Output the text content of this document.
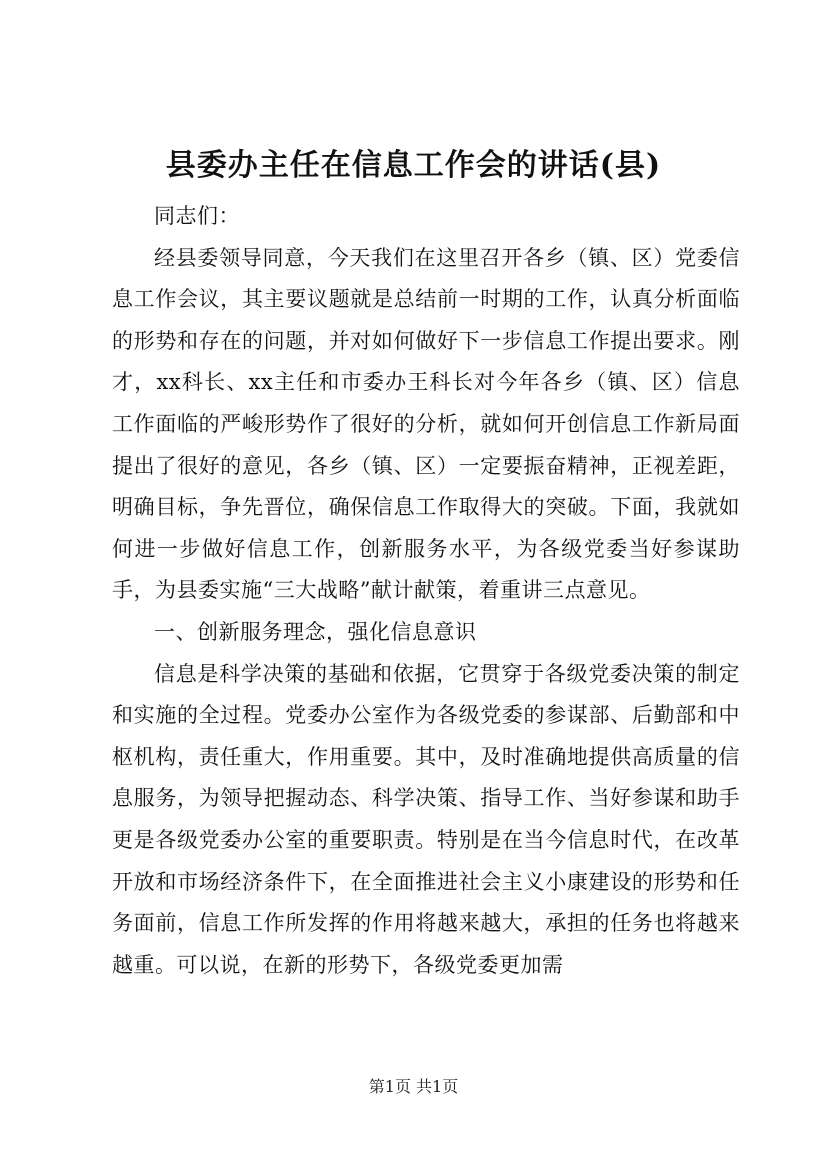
县委办主任在信息工作会的讲话(县)

同志们：

经县委领导同意，今天我们在这里召开各乡（镇、区）党委信息工作会议，其主要议题就是总结前一时期的工作，认真分析面临的形势和存在的问题，并对如何做好下一步信息工作提出要求。刚才，xx科长、xx主任和市委办王科长对今年各乡（镇、区）信息工作面临的严峻形势作了很好的分析，就如何开创信息工作新局面提出了很好的意见，各乡（镇、区）一定要振奋精神，正视差距，明确目标，争先晋位，确保信息工作取得大的突破。下面，我就如何进一步做好信息工作，创新服务水平，为各级党委当好参谋助手，为县委实施“三大战略”献计献策，着重讲三点意见。

一、创新服务理念，强化信息意识

信息是科学决策的基础和依据，它贯穿于各级党委决策的制定和实施的全过程。党委办公室作为各级党委的参谋部、后勤部和中枢机构，责任重大，作用重要。其中，及时准确地提供高质量的信息服务，为领导把握动态、科学决策、指导工作、当好参谋和助手更是各级党委办公室的重要职责。特别是在当今信息时代，在改革开放和市场经济条件下，在全面推进社会主义小康建设的形势和任务面前，信息工作所发挥的作用将越来越大，承担的任务也将越来越重。可以说，在新的形势下，各级党委更加需

第1页 共1页
